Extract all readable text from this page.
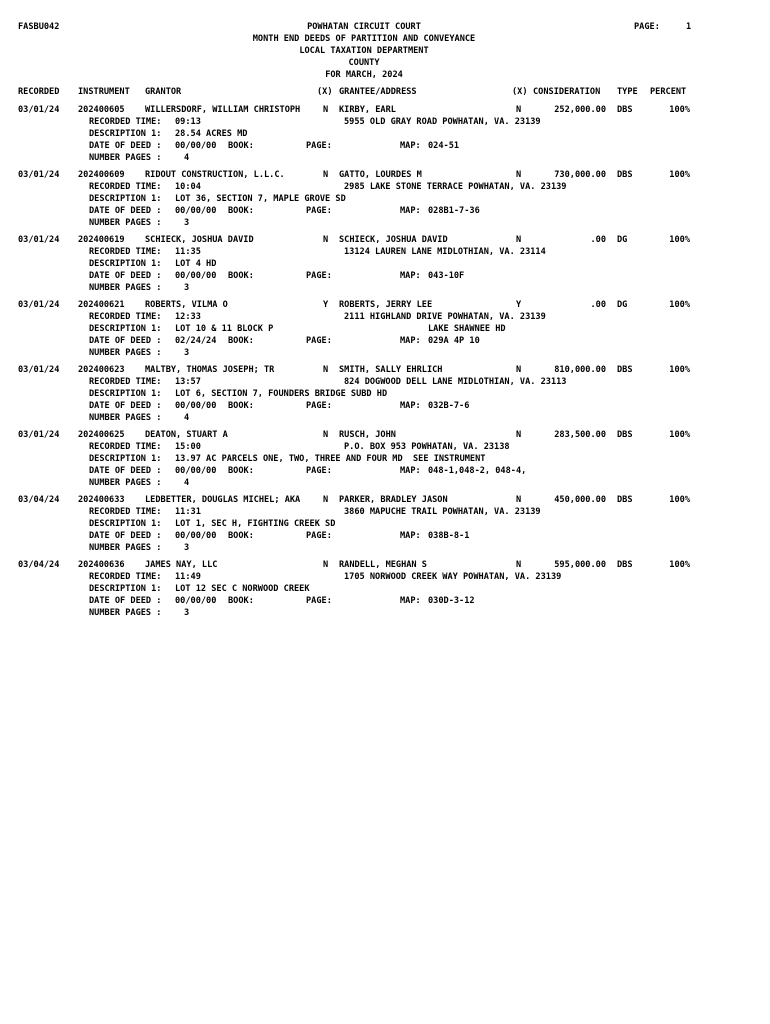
FASBU042	POWHATAN CIRCUIT COURT	PAGE:	1
MONTH END DEEDS OF PARTITION AND CONVEYANCE
LOCAL TAXATION DEPARTMENT
COUNTY
FOR MARCH, 2024
RECORDED INSTRUMENT GRANTOR	(X) GRANTEE/ADDRESS	(X) CONSIDERATION TYPE PERCENT
03/01/24 202400605 WILLERSDORF, WILLIAM CHRISTOPH	N KIRBY, EARL	N	252,000.00 DBS	100%
RECORDED TIME: 09:13	5955 OLD GRAY ROAD POWHATAN, VA. 23139
DESCRIPTION 1: 28.54 ACRES MD
DATE OF DEED : 00/00/00 BOOK:	PAGE:	MAP: 024-51
NUMBER PAGES :	4
03/01/24 202400609 RIDOUT CONSTRUCTION, L.L.C.	N GATTO, LOURDES M	N	730,000.00 DBS	100%
RECORDED TIME: 10:04	2985 LAKE STONE TERRACE POWHATAN, VA. 23139
DESCRIPTION 1: LOT 36, SECTION 7, MAPLE GROVE SD
DATE OF DEED : 00/00/00 BOOK:	PAGE:	MAP: 028B1-7-36
NUMBER PAGES :	3
03/01/24 202400619 SCHIECK, JOSHUA DAVID	N SCHIECK, JOSHUA DAVID	N	.00 DG	100%
RECORDED TIME: 11:35	13124 LAUREN LANE MIDLOTHIAN, VA. 23114
DESCRIPTION 1: LOT 4 HD
DATE OF DEED : 00/00/00 BOOK:	PAGE:	MAP: 043-10F
NUMBER PAGES :	3
03/01/24 202400621 ROBERTS, VILMA O	Y ROBERTS, JERRY LEE	Y	.00 DG	100%
RECORDED TIME: 12:33	2111 HIGHLAND DRIVE POWHATAN, VA. 23139
DESCRIPTION 1: LOT 10 & 11 BLOCK P	LAKE SHAWNEE HD
DATE OF DEED : 02/24/24 BOOK:	PAGE:	MAP: 029A 4P 10
NUMBER PAGES :	3
03/01/24 202400623 MALTBY, THOMAS JOSEPH; TR	N SMITH, SALLY EHRLICH	N	810,000.00 DBS	100%
RECORDED TIME: 13:57	824 DOGWOOD DELL LANE MIDLOTHIAN, VA. 23113
DESCRIPTION 1: LOT 6, SECTION 7, FOUNDERS BRIDGE SUBD HD
DATE OF DEED : 00/00/00 BOOK:	PAGE:	MAP: 032B-7-6
NUMBER PAGES :	4
03/01/24 202400625 DEATON, STUART A	N RUSCH, JOHN	N	283,500.00 DBS	100%
RECORDED TIME: 15:00	P.O. BOX 953 POWHATAN, VA. 23138
DESCRIPTION 1: 13.97 AC PARCELS ONE, TWO, THREE AND FOUR MD  SEE INSTRUMENT
DATE OF DEED : 00/00/00 BOOK:	PAGE:	MAP: 048-1,048-2, 048-4,
NUMBER PAGES :	4
03/04/24 202400633 LEDBETTER, DOUGLAS MICHEL; AKA	N PARKER, BRADLEY JASON	N	450,000.00 DBS	100%
RECORDED TIME: 11:31	3860 MAPUCHE TRAIL POWHATAN, VA. 23139
DESCRIPTION 1: LOT 1, SEC H, FIGHTING CREEK SD
DATE OF DEED : 00/00/00 BOOK:	PAGE:	MAP: 038B-8-1
NUMBER PAGES :	3
03/04/24 202400636 JAMES NAY, LLC	N RANDELL, MEGHAN S	N	595,000.00 DBS	100%
RECORDED TIME: 11:49	1705 NORWOOD CREEK WAY POWHATAN, VA. 23139
DESCRIPTION 1: LOT 12 SEC C NORWOOD CREEK
DATE OF DEED : 00/00/00 BOOK:	PAGE:	MAP: 030D-3-12
NUMBER PAGES :	3
